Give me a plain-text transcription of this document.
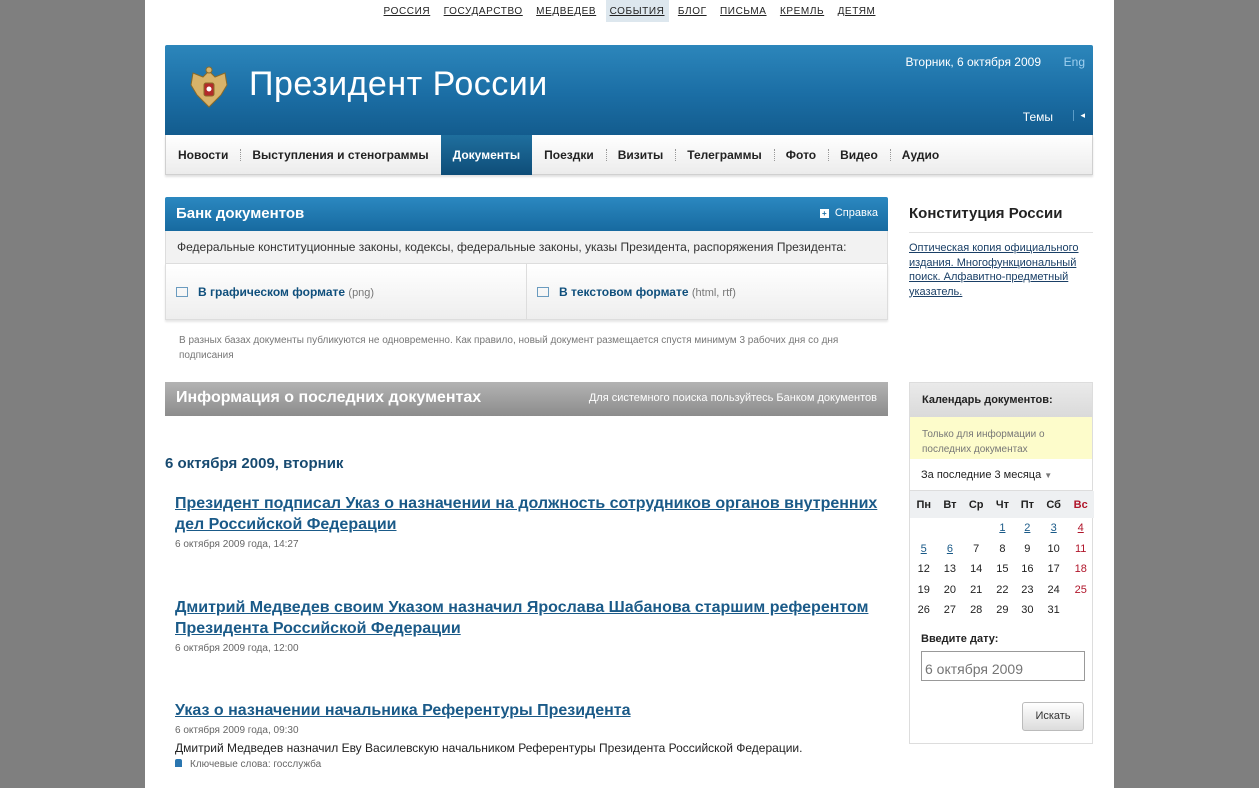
РОССИЯ ГОСУДАРСТВО МЕДВЕДЕВ СОБЫТИЯ БЛОГ ПИСЬМА КРЕМЛЬ ДЕТЯМ
Президент России
Вторник, 6 октября 2009 Eng
Темы	◂
Новости	Выступления и стенограммы	Документы	Поездки	Визиты	Телеграммы	Фото	Видео	Аудио
Банк документов	+ Справка
Федеральные конституционные законы, кодексы, федеральные законы, указы Президента, распоряжения Президента:
В графическом формате (png)	В текстовом формате (html, rtf)
В разных базах документы публикуются не одновременно. Как правило, новый документ размещается спустя минимум 3 рабочих дня со дня подписания
Информация о последних документах	Для системного поиска пользуйтесь Банком документов
6 октября 2009, вторник
Президент подписал Указ о назначении на должность сотрудников органов внутренних дел Российской Федерации
6 октября 2009 года, 14:27
Дмитрий Медведев своим Указом назначил Ярослава Шабанова старшим референтом Президента Российской Федерации
6 октября 2009 года, 12:00
Указ о назначении начальника Референтуры Президента
6 октября 2009 года, 09:30
Дмитрий Медведев назначил Еву Василевскую начальником Референтуры Президента Российской Федерации.
Ключевые слова: госслужба
Конституция России
Оптическая копия официального издания. Многофункциональный поиск. Алфавитно-предметный указатель.
Календарь документов:
Только для информации о последних документах
За последние 3 месяца ▼
Пн	Вт	Ср	Чт	Пт	Сб	Вс
			1	2	3	4
5	6	7	8	9	10	11
12	13	14	15	16	17	18
19	20	21	22	23	24	25
26	27	28	29	30	31	
Введите дату:
6 октября 2009
Искать
